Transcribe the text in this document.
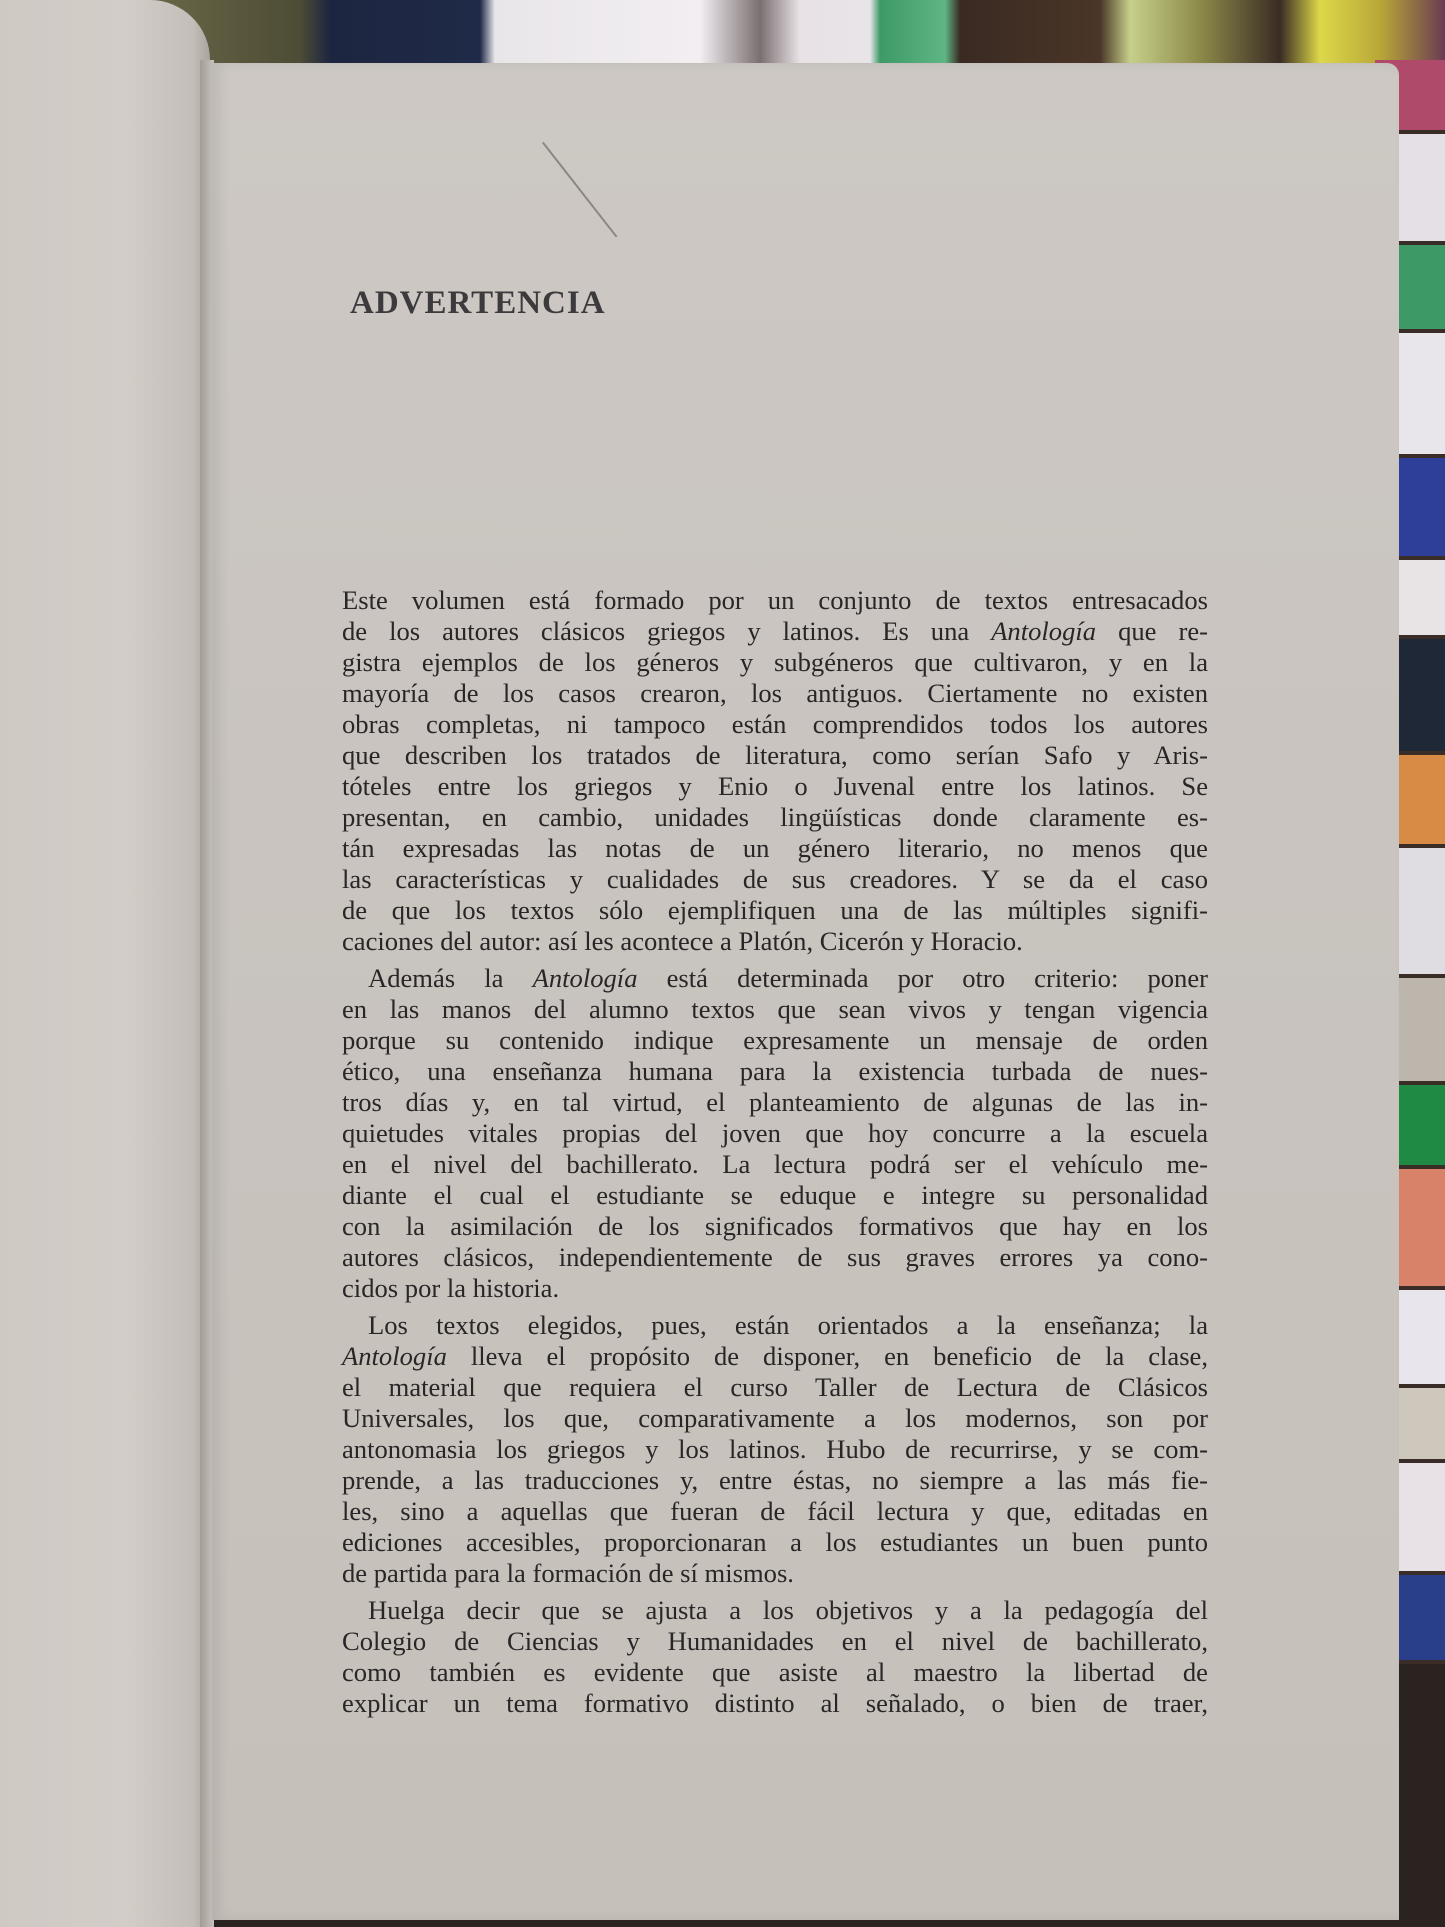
ADVERTENCIA

Este volumen está formado por un conjunto de textos entresacados
de los autores clásicos griegos y latinos. Es una Antología que re-
gistra ejemplos de los géneros y subgéneros que cultivaron, y en la
mayoría de los casos crearon, los antiguos. Ciertamente no existen
obras completas, ni tampoco están comprendidos todos los autores
que describen los tratados de literatura, como serían Safo y Aris-
tóteles entre los griegos y Enio o Juvenal entre los latinos. Se
presentan, en cambio, unidades lingüísticas donde claramente es-
tán expresadas las notas de un género literario, no menos que
las características y cualidades de sus creadores. Y se da el caso
de que los textos sólo ejemplifiquen una de las múltiples signifi-
caciones del autor: así les acontece a Platón, Cicerón y Horacio.

Además la Antología está determinada por otro criterio: poner
en las manos del alumno textos que sean vivos y tengan vigencia
porque su contenido indique expresamente un mensaje de orden
ético, una enseñanza humana para la existencia turbada de nues-
tros días y, en tal virtud, el planteamiento de algunas de las in-
quietudes vitales propias del joven que hoy concurre a la escuela
en el nivel del bachillerato. La lectura podrá ser el vehículo me-
diante el cual el estudiante se eduque e integre su personalidad
con la asimilación de los significados formativos que hay en los
autores clásicos, independientemente de sus graves errores ya cono-
cidos por la historia.

Los textos elegidos, pues, están orientados a la enseñanza; la
Antología lleva el propósito de disponer, en beneficio de la clase,
el material que requiera el curso Taller de Lectura de Clásicos
Universales, los que, comparativamente a los modernos, son por
antonomasia los griegos y los latinos. Hubo de recurrirse, y se com-
prende, a las traducciones y, entre éstas, no siempre a las más fie-
les, sino a aquellas que fueran de fácil lectura y que, editadas en
ediciones accesibles, proporcionaran a los estudiantes un buen punto
de partida para la formación de sí mismos.

Huelga decir que se ajusta a los objetivos y a la pedagogía del
Colegio de Ciencias y Humanidades en el nivel de bachillerato,
como también es evidente que asiste al maestro la libertad de
explicar un tema formativo distinto al señalado, o bien de traer,
